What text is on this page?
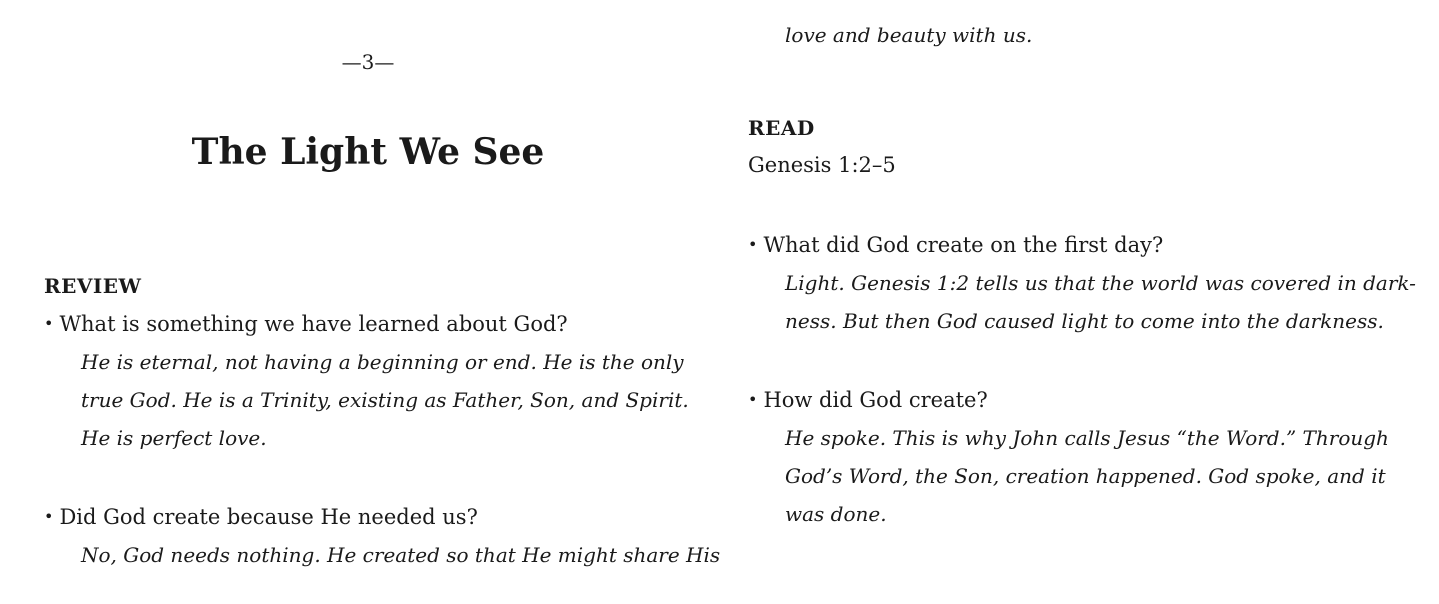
—3—
The Light We See
REVIEW
• What is something we have learned about God?
He is eternal, not having a beginning or end. He is the only
true God. He is a Trinity, existing as Father, Son, and Spirit.
He is perfect love.
• Did God create because He needed us?
No, God needs nothing. He created so that He might share His
love and beauty with us.
READ
Genesis 1:2–5
• What did God create on the first day?
Light. Genesis 1:2 tells us that the world was covered in dark-
ness. But then God caused light to come into the darkness.
• How did God create?
He spoke. This is why John calls Jesus “the Word.” Through
God’s Word, the Son, creation happened. God spoke, and it
was done.
